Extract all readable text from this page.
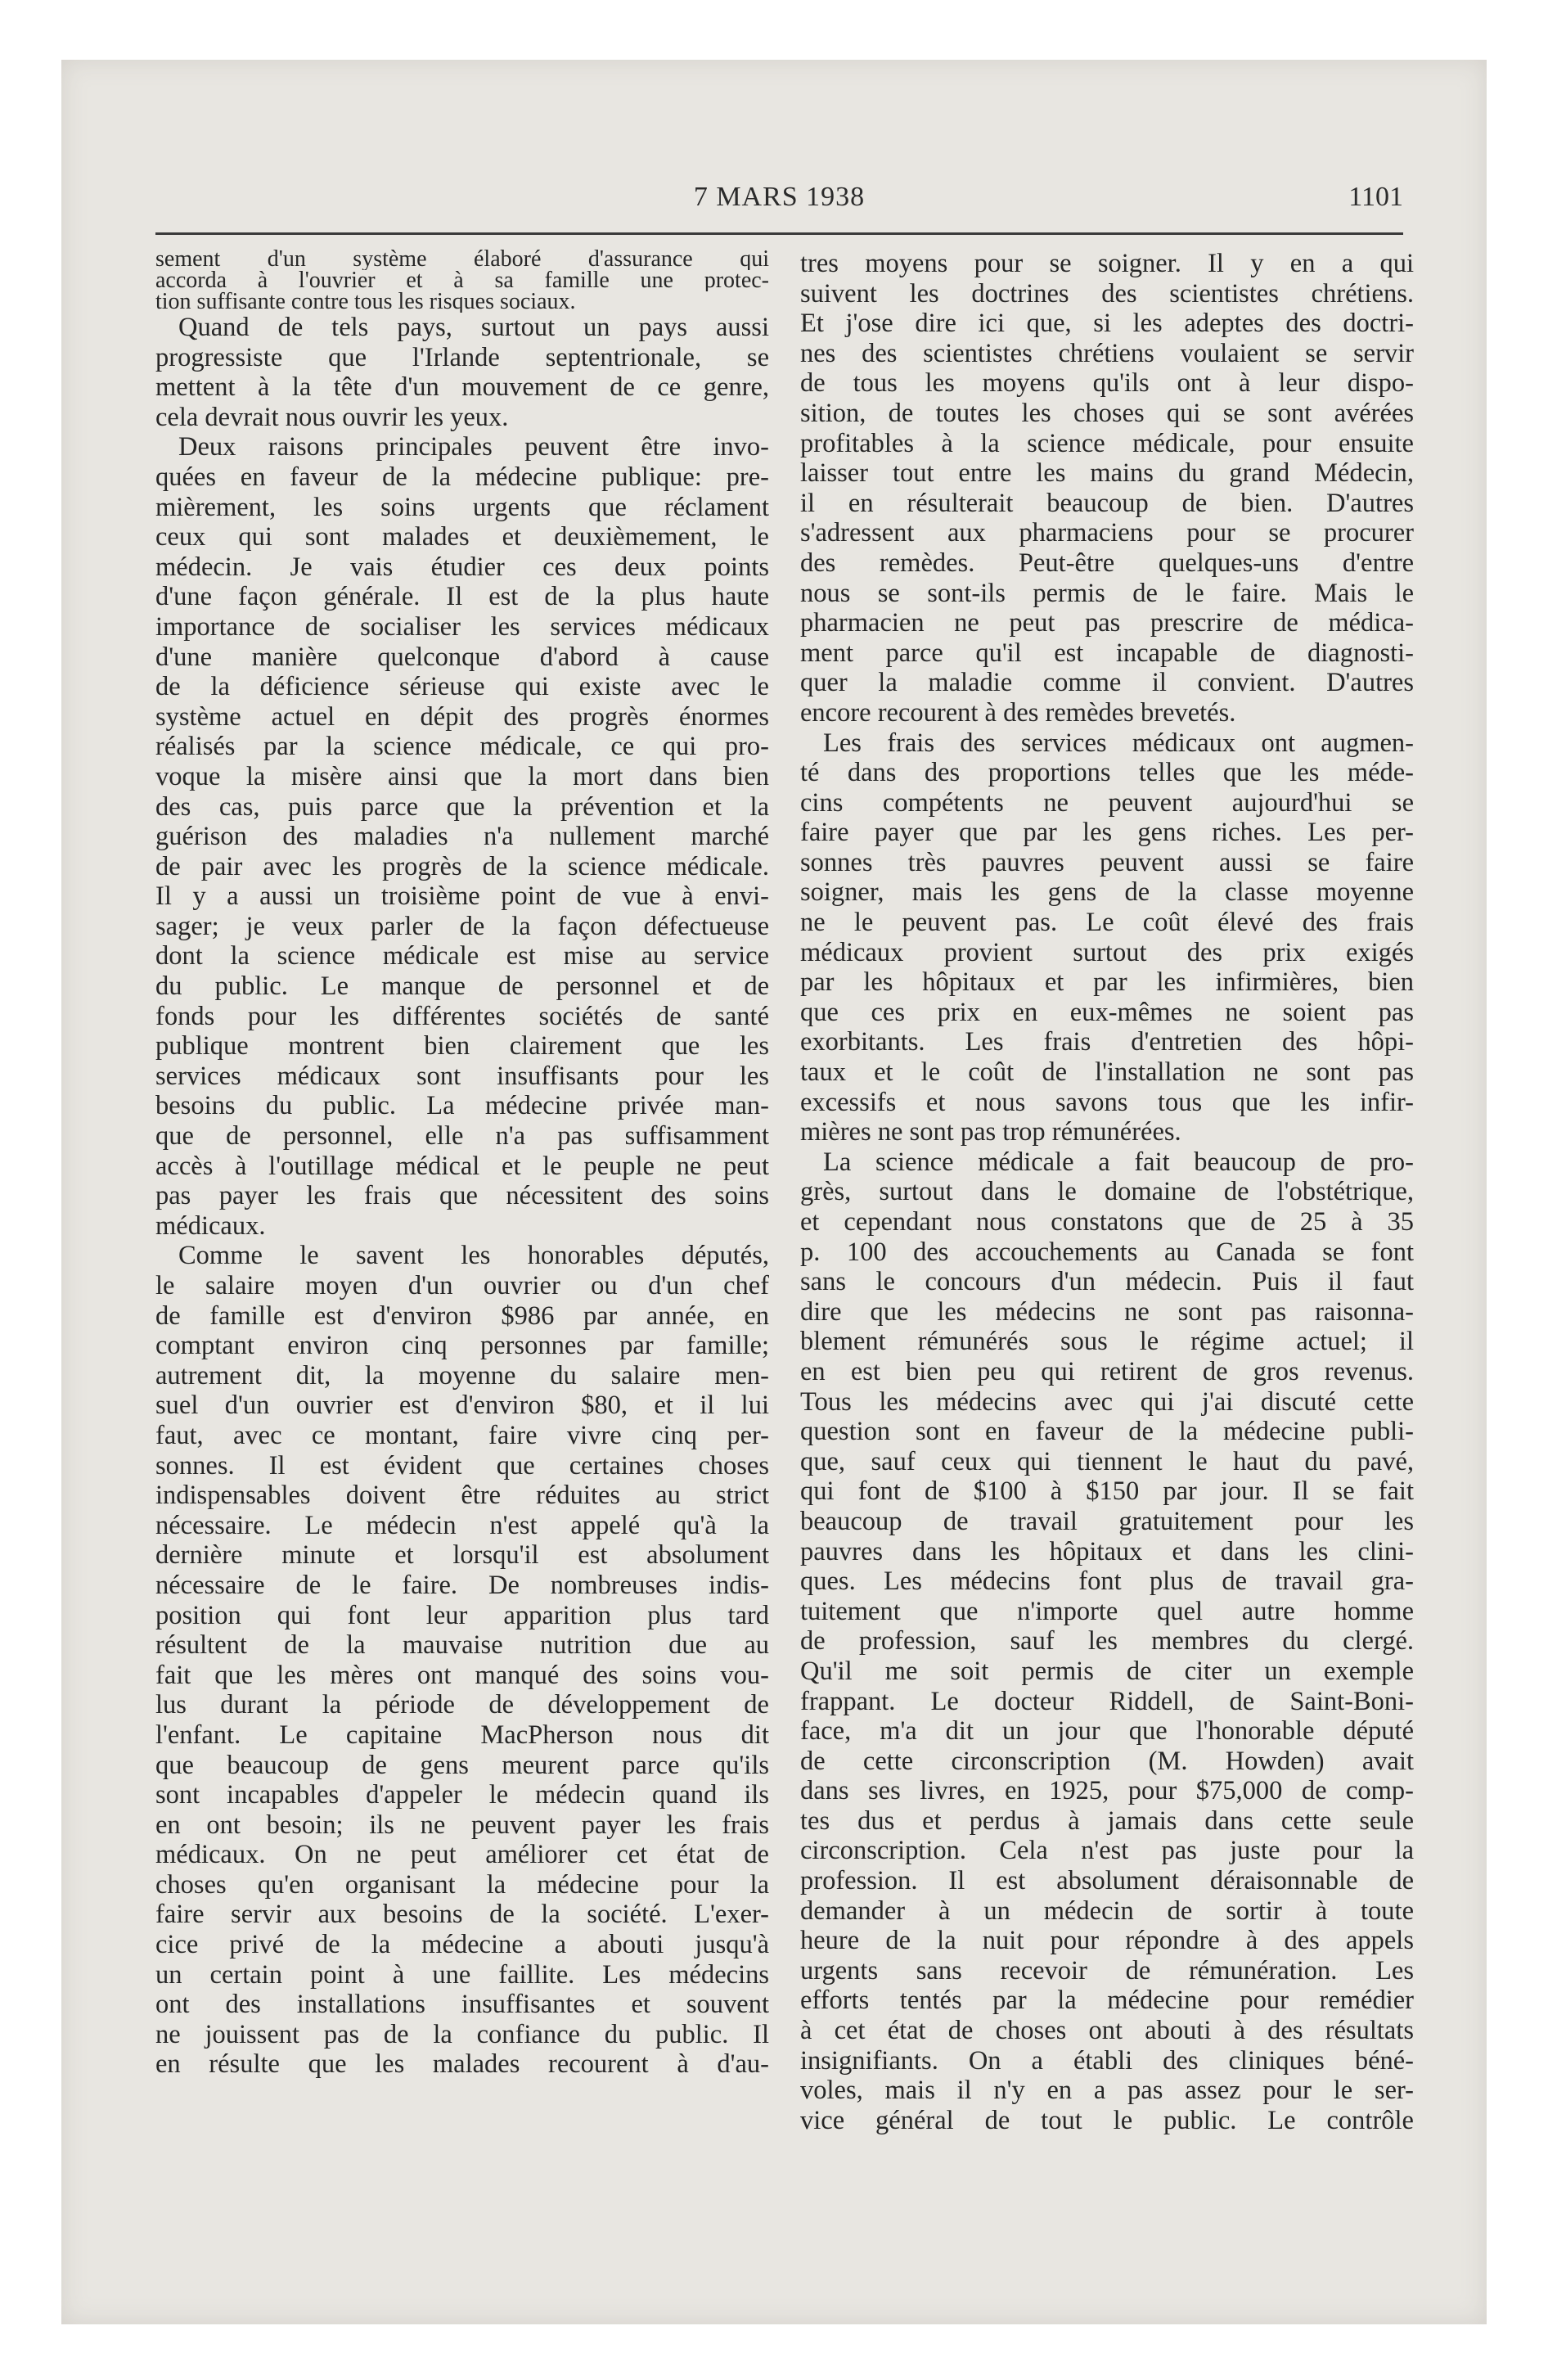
7 MARS 1938	1101
sement d'un système élaboré d'assurance qui
accorda à l'ouvrier et à sa famille une protec-
tion suffisante contre tous les risques sociaux.
Quand de tels pays, surtout un pays aussi
progressiste que l'Irlande septentrionale, se
mettent à la tête d'un mouvement de ce genre,
cela devrait nous ouvrir les yeux.
Deux raisons principales peuvent être invo-
quées en faveur de la médecine publique: pre-
mièrement, les soins urgents que réclament
ceux qui sont malades et deuxièmement, le
médecin. Je vais étudier ces deux points
d'une façon générale. Il est de la plus haute
importance de socialiser les services médicaux
d'une manière quelconque d'abord à cause
de la déficience sérieuse qui existe avec le
système actuel en dépit des progrès énormes
réalisés par la science médicale, ce qui pro-
voque la misère ainsi que la mort dans bien
des cas, puis parce que la prévention et la
guérison des maladies n'a nullement marché
de pair avec les progrès de la science médicale.
Il y a aussi un troisième point de vue à envi-
sager; je veux parler de la façon défectueuse
dont la science médicale est mise au service
du public. Le manque de personnel et de
fonds pour les différentes sociétés de santé
publique montrent bien clairement que les
services médicaux sont insuffisants pour les
besoins du public. La médecine privée man-
que de personnel, elle n'a pas suffisamment
accès à l'outillage médical et le peuple ne peut
pas payer les frais que nécessitent des soins
médicaux.
Comme le savent les honorables députés,
le salaire moyen d'un ouvrier ou d'un chef
de famille est d'environ $986 par année, en
comptant environ cinq personnes par famille;
autrement dit, la moyenne du salaire men-
suel d'un ouvrier est d'environ $80, et il lui
faut, avec ce montant, faire vivre cinq per-
sonnes. Il est évident que certaines choses
indispensables doivent être réduites au strict
nécessaire. Le médecin n'est appelé qu'à la
dernière minute et lorsqu'il est absolument
nécessaire de le faire. De nombreuses indis-
position qui font leur apparition plus tard
résultent de la mauvaise nutrition due au
fait que les mères ont manqué des soins vou-
lus durant la période de développement de
l'enfant. Le capitaine MacPherson nous dit
que beaucoup de gens meurent parce qu'ils
sont incapables d'appeler le médecin quand ils
en ont besoin; ils ne peuvent payer les frais
médicaux. On ne peut améliorer cet état de
choses qu'en organisant la médecine pour la
faire servir aux besoins de la société. L'exer-
cice privé de la médecine a abouti jusqu'à
un certain point à une faillite. Les médecins
ont des installations insuffisantes et souvent
ne jouissent pas de la confiance du public. Il
en résulte que les malades recourent à d'au-
tres moyens pour se soigner. Il y en a qui
suivent les doctrines des scientistes chrétiens.
Et j'ose dire ici que, si les adeptes des doctri-
nes des scientistes chrétiens voulaient se servir
de tous les moyens qu'ils ont à leur dispo-
sition, de toutes les choses qui se sont avérées
profitables à la science médicale, pour ensuite
laisser tout entre les mains du grand Médecin,
il en résulterait beaucoup de bien. D'autres
s'adressent aux pharmaciens pour se procurer
des remèdes. Peut-être quelques-uns d'entre
nous se sont-ils permis de le faire. Mais le
pharmacien ne peut pas prescrire de médica-
ment parce qu'il est incapable de diagnosti-
quer la maladie comme il convient. D'autres
encore recourent à des remèdes brevetés.
Les frais des services médicaux ont augmen-
té dans des proportions telles que les méde-
cins compétents ne peuvent aujourd'hui se
faire payer que par les gens riches. Les per-
sonnes très pauvres peuvent aussi se faire
soigner, mais les gens de la classe moyenne
ne le peuvent pas. Le coût élevé des frais
médicaux provient surtout des prix exigés
par les hôpitaux et par les infirmières, bien
que ces prix en eux-mêmes ne soient pas
exorbitants. Les frais d'entretien des hôpi-
taux et le coût de l'installation ne sont pas
excessifs et nous savons tous que les infir-
mières ne sont pas trop rémunérées.
La science médicale a fait beaucoup de pro-
grès, surtout dans le domaine de l'obstétrique,
et cependant nous constatons que de 25 à 35
p. 100 des accouchements au Canada se font
sans le concours d'un médecin. Puis il faut
dire que les médecins ne sont pas raisonna-
blement rémunérés sous le régime actuel; il
en est bien peu qui retirent de gros revenus.
Tous les médecins avec qui j'ai discuté cette
question sont en faveur de la médecine publi-
que, sauf ceux qui tiennent le haut du pavé,
qui font de $100 à $150 par jour. Il se fait
beaucoup de travail gratuitement pour les
pauvres dans les hôpitaux et dans les clini-
ques. Les médecins font plus de travail gra-
tuitement que n'importe quel autre homme
de profession, sauf les membres du clergé.
Qu'il me soit permis de citer un exemple
frappant. Le docteur Riddell, de Saint-Boni-
face, m'a dit un jour que l'honorable député
de cette circonscription (M. Howden) avait
dans ses livres, en 1925, pour $75,000 de comp-
tes dus et perdus à jamais dans cette seule
circonscription. Cela n'est pas juste pour la
profession. Il est absolument déraisonnable de
demander à un médecin de sortir à toute
heure de la nuit pour répondre à des appels
urgents sans recevoir de rémunération. Les
efforts tentés par la médecine pour remédier
à cet état de choses ont abouti à des résultats
insignifiants. On a établi des cliniques béné-
voles, mais il n'y en a pas assez pour le ser-
vice général de tout le public. Le contrôle
